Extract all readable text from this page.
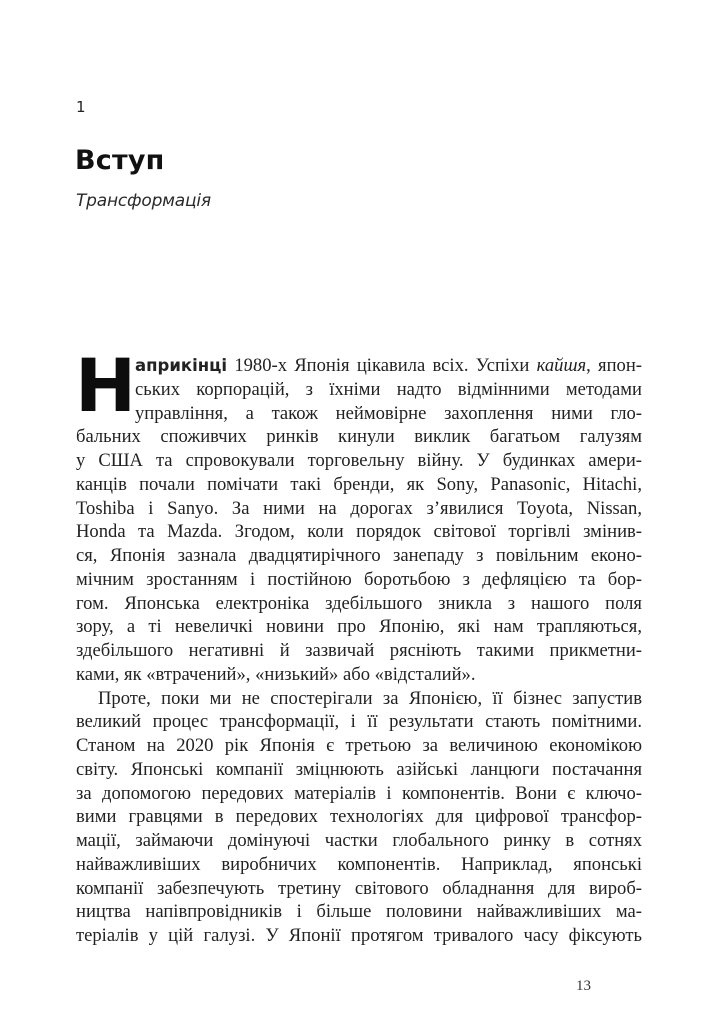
1
Вступ
Трансформація
Н

априкінці 1980-х Японія цікавила всіх. Успіхи кайшя, япон-
ських корпорацій, з їхніми надто відмінними методами
управління, а також неймовірне захоплення ними гло-
бальних споживчих ринків кинули виклик багатьом галузям
у США та спровокували торговельну війну. У будинках амери-
канців почали помічати такі бренди, як Sony, Panasonic, Hitachi,
Toshiba і Sanyo. За ними на дорогах з’явилися Toyota, Nissan,
Honda та Mazda. Згодом, коли порядок світової торгівлі змінив-
ся, Японія зазнала двадцятирічного занепаду з повільним еконо-
мічним зростанням і постійною боротьбою з дефляцією та бор-
гом. Японська електроніка здебільшого зникла з нашого поля
зору, а ті невеличкі новини про Японію, які нам трапляються,
здебільшого негативні й зазвичай рясніють такими прикметни-
ками, як «втрачений», «низький» або «відсталий».

Проте, поки ми не спостерігали за Японією, її бізнес запустив
великий процес трансформації, і її результати стають помітними.
Станом на 2020 рік Японія є третьою за величиною економікою
світу. Японські компанії зміцнюють азійські ланцюги постачання
за допомогою передових матеріалів і компонентів. Вони є ключо-
вими гравцями в передових технологіях для цифрової трансфор-
мації, займаючи домінуючі частки глобального ринку в сотнях
найважливіших виробничих компонентів. Наприклад, японські
компанії забезпечують третину світового обладнання для вироб-
ництва напівпровідників і більше половини найважливіших ма-
теріалів у цій галузі. У Японії протягом тривалого часу фіксують

13
